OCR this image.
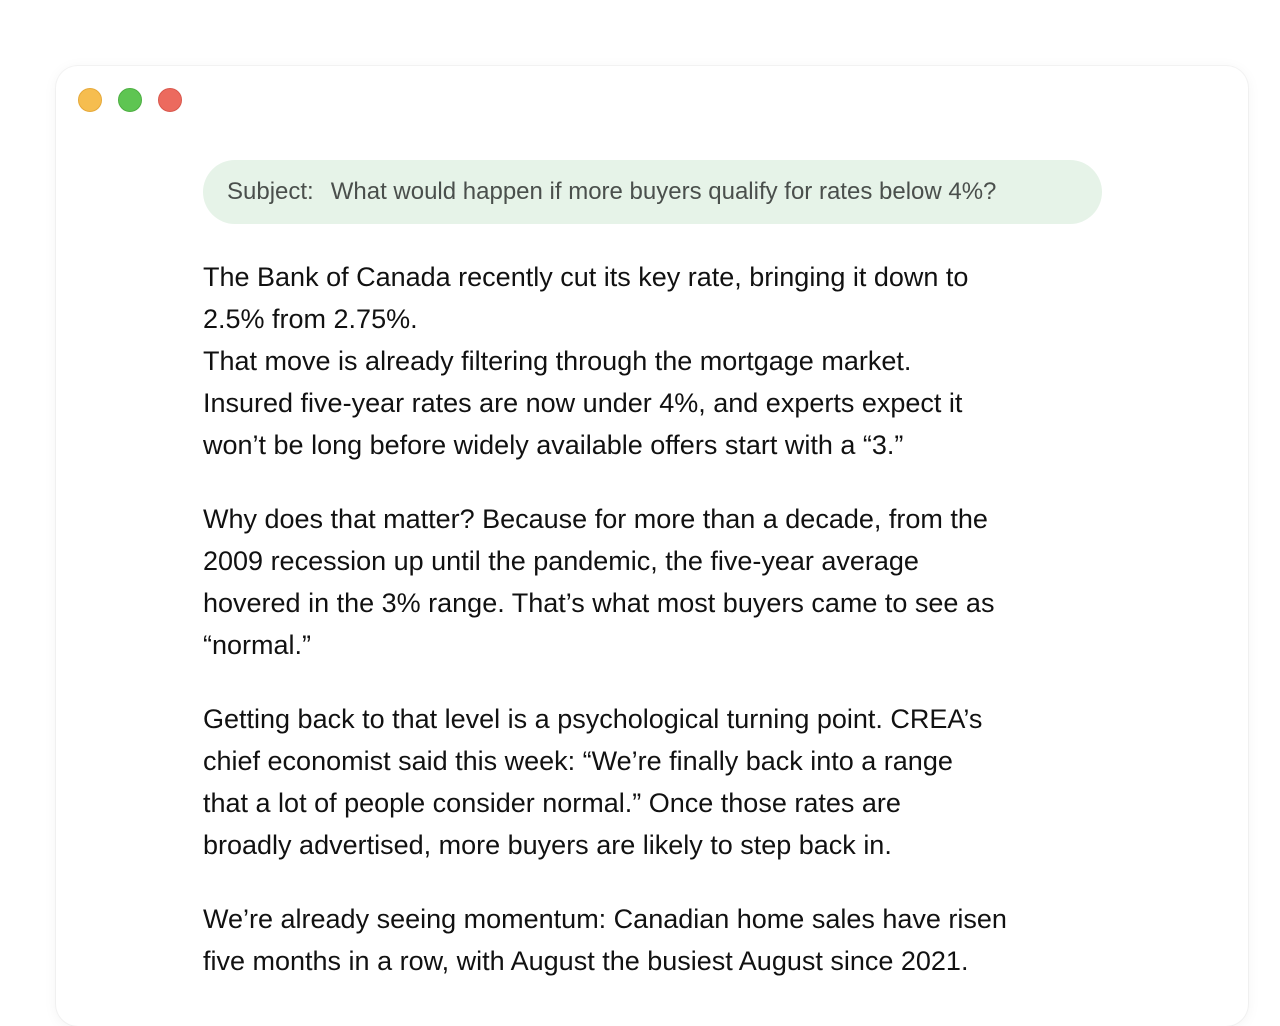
Subject: What would happen if more buyers qualify for rates below 4%?

The Bank of Canada recently cut its key rate, bringing it down to
2.5% from 2.75%.
That move is already filtering through the mortgage market.
Insured five-year rates are now under 4%, and experts expect it
won’t be long before widely available offers start with a “3.”

Why does that matter? Because for more than a decade, from the
2009 recession up until the pandemic, the five-year average
hovered in the 3% range. That’s what most buyers came to see as
“normal.”

Getting back to that level is a psychological turning point. CREA’s
chief economist said this week: “We’re finally back into a range
that a lot of people consider normal.” Once those rates are
broadly advertised, more buyers are likely to step back in.

We’re already seeing momentum: Canadian home sales have risen
five months in a row, with August the busiest August since 2021.
